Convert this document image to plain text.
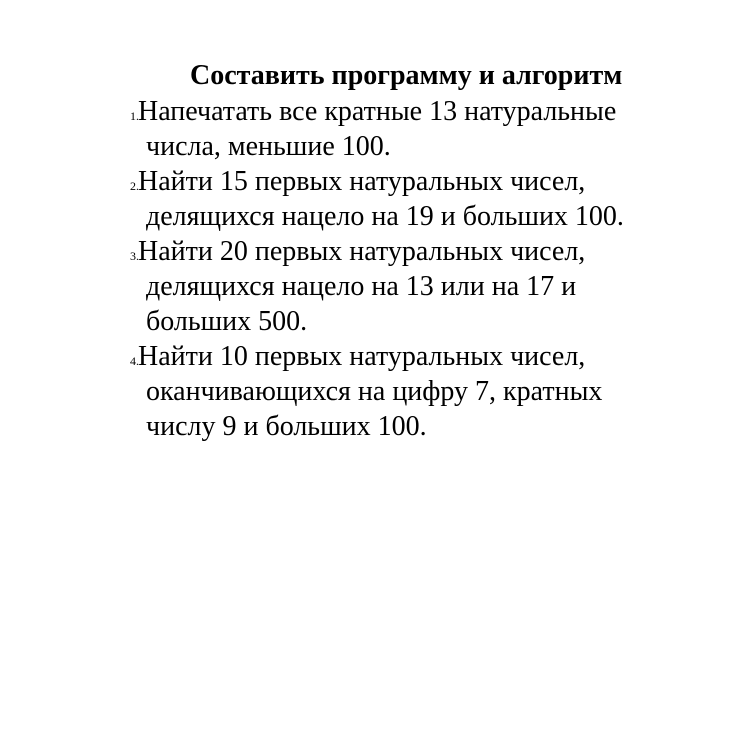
Составить программу и алгоритм
1. Напечатать все кратные 13 натуральные
числа, меньшие 100.
2. Найти 15 первых натуральных чисел,
делящихся нацело на 19 и больших 100.
3. Найти 20 первых натуральных чисел,
делящихся нацело на 13 или на 17 и
больших 500.
4. Найти 10 первых натуральных чисел,
оканчивающихся на цифру 7, кратных
числу 9 и больших 100.
